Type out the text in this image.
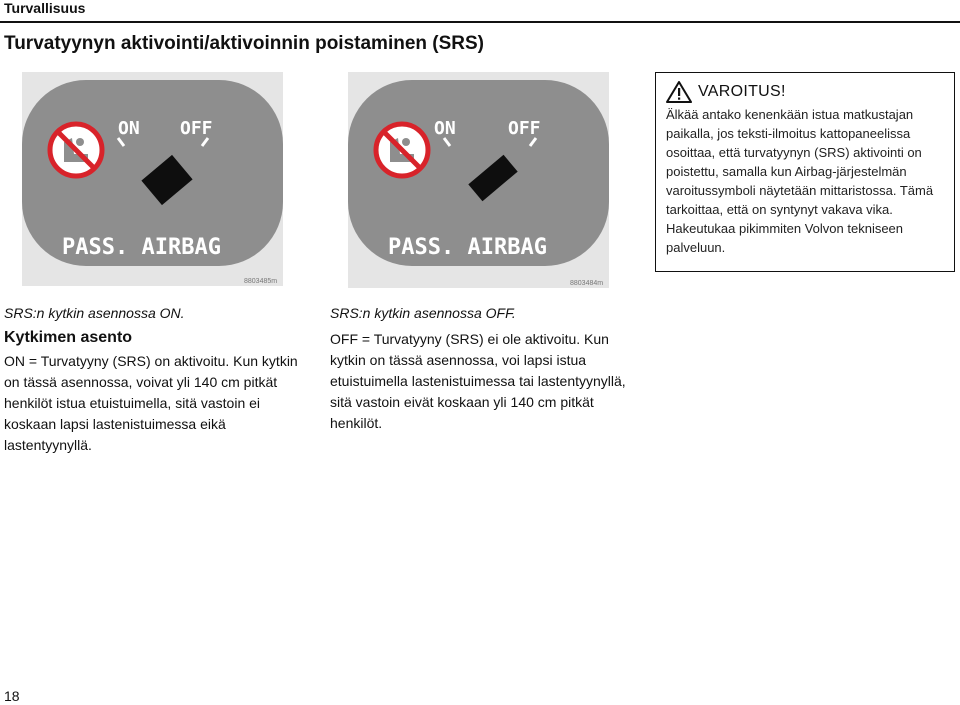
Turvallisuus
Turvatyynyn aktivointi/aktivoinnin poistaminen (SRS)
ON OFF
PASS. AIRBAG
8803485m
ON	OFF
PASS. AIRBAG
8803484m
VAROITUS!
Älkää antako kenenkään istua matkustajan paikalla, jos teksti-ilmoitus kattopaneelissa osoittaa, että turvatyynyn (SRS) aktivointi on poistettu, samalla kun Airbag-järjestelmän varoitussymboli näytetään mittaristossa. Tämä tarkoittaa, että on syntynyt vakava vika. Hakeutukaa pikimmiten Volvon tekniseen palveluun.
SRS:n kytkin asennossa ON.
Kytkimen asento
ON = Turvatyyny (SRS) on aktivoitu. Kun kytkin on tässä asennossa, voivat yli 140 cm pitkät henkilöt istua etuistuimella, sitä vastoin ei koskaan lapsi lastenistuimessa eikä lastentyynyllä.
SRS:n kytkin asennossa OFF.
OFF = Turvatyyny (SRS) ei ole aktivoitu. Kun kytkin on tässä asennossa, voi lapsi istua etuistuimella lastenistuimessa tai lastentyynyllä, sitä vastoin eivät koskaan yli 140 cm pitkät henkilöt.
18
